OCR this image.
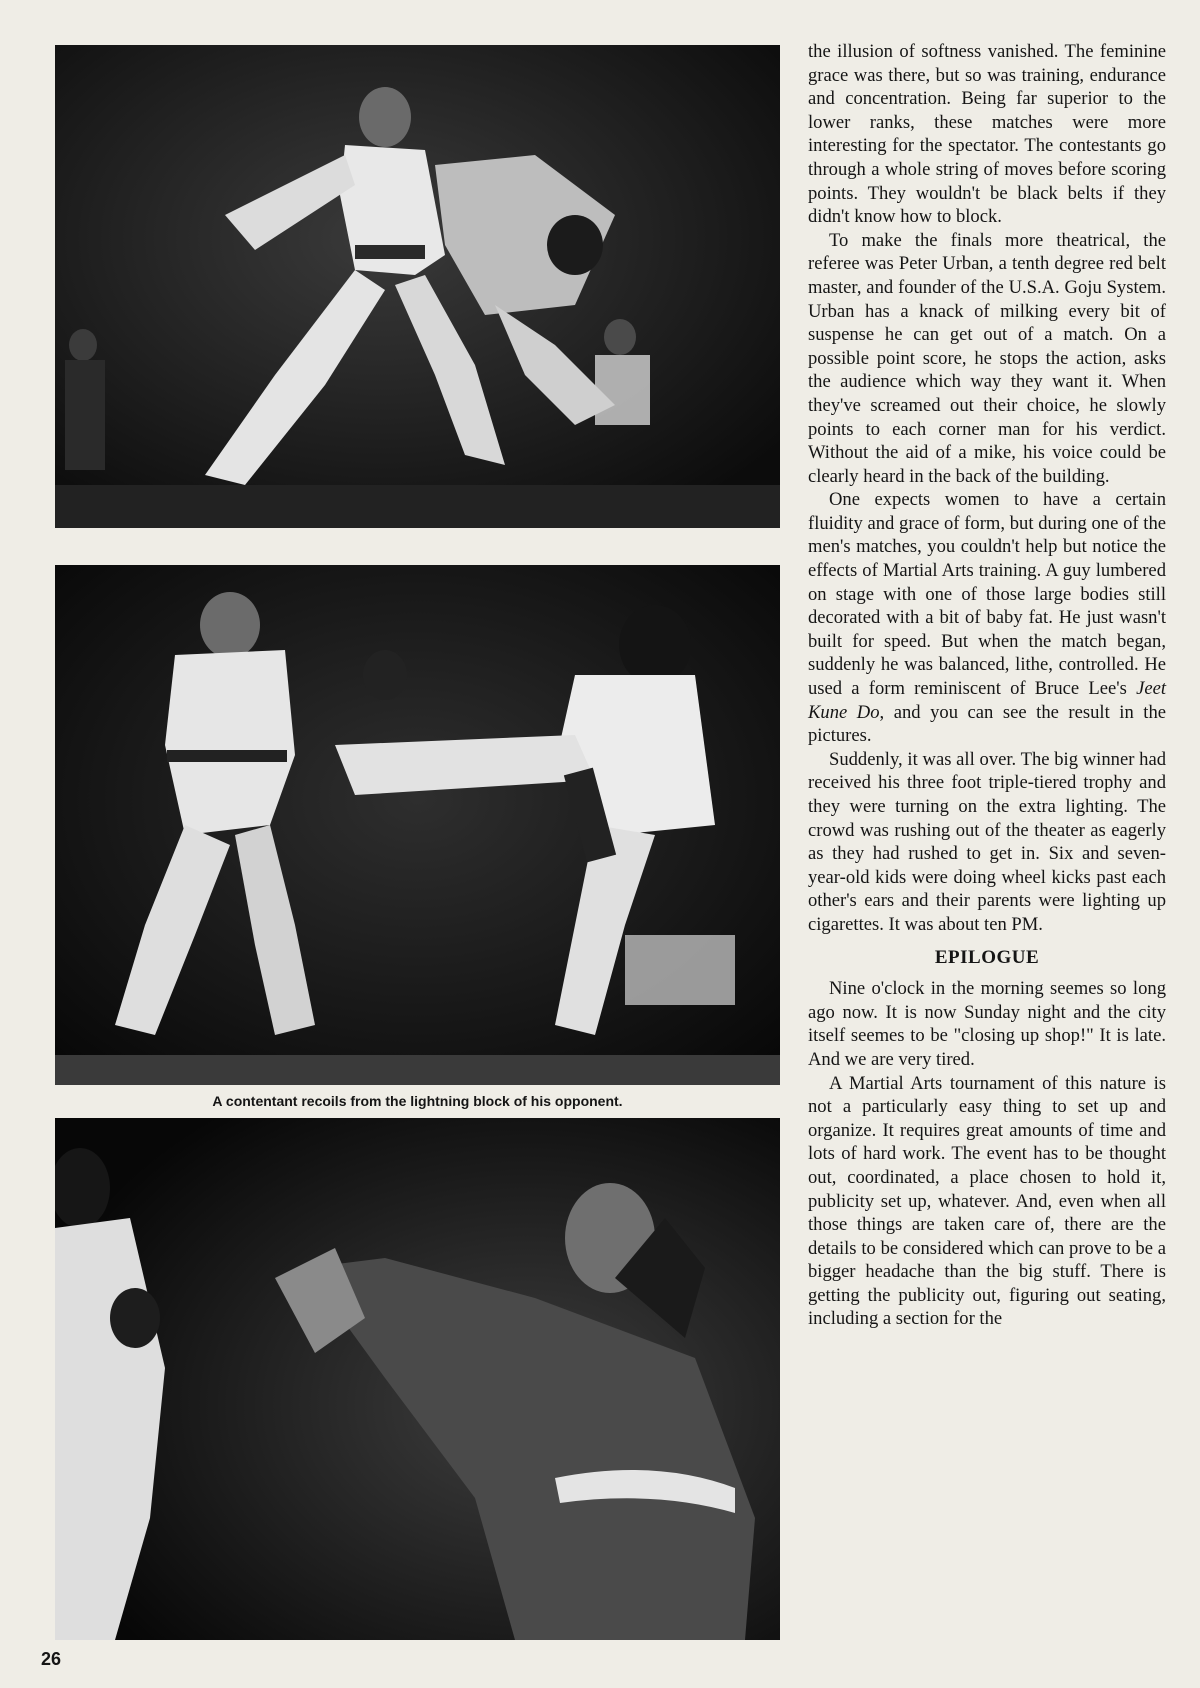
A contentant recoils from the lightning block of his opponent.

the illusion of softness vanished. The feminine grace was there, but so was training, endurance and concentration. Being far superior to the lower ranks, these matches were more interesting for the spectator. The contestants go through a whole string of moves before scoring points. They wouldn't be black belts if they didn't know how to block.

To make the finals more theatrical, the referee was Peter Urban, a tenth degree red belt master, and founder of the U.S.A. Goju System. Urban has a knack of milking every bit of suspense he can get out of a match. On a possible point score, he stops the action, asks the audience which way they want it. When they've screamed out their choice, he slowly points to each corner man for his verdict. Without the aid of a mike, his voice could be clearly heard in the back of the building.

One expects women to have a certain fluidity and grace of form, but during one of the men's matches, you couldn't help but notice the effects of Martial Arts training. A guy lumbered on stage with one of those large bodies still decorated with a bit of baby fat. He just wasn't built for speed. But when the match began, suddenly he was balanced, lithe, controlled. He used a form reminiscent of Bruce Lee's Jeet Kune Do, and you can see the result in the pictures.

Suddenly, it was all over. The big winner had received his three foot triple-tiered trophy and they were turning on the extra lighting. The crowd was rushing out of the theater as eagerly as they had rushed to get in. Six and seven-year-old kids were doing wheel kicks past each other's ears and their parents were lighting up cigarettes. It was about ten PM.

EPILOGUE

Nine o'clock in the morning seemes so long ago now. It is now Sunday night and the city itself seemes to be "closing up shop!" It is late. And we are very tired.

A Martial Arts tournament of this nature is not a particularly easy thing to set up and organize. It requires great amounts of time and lots of hard work. The event has to be thought out, coordinated, a place chosen to hold it, publicity set up, whatever. And, even when all those things are taken care of, there are the details to be considered which can prove to be a bigger headache than the big stuff. There is getting the publicity out, figuring out seating, including a section for the

26
